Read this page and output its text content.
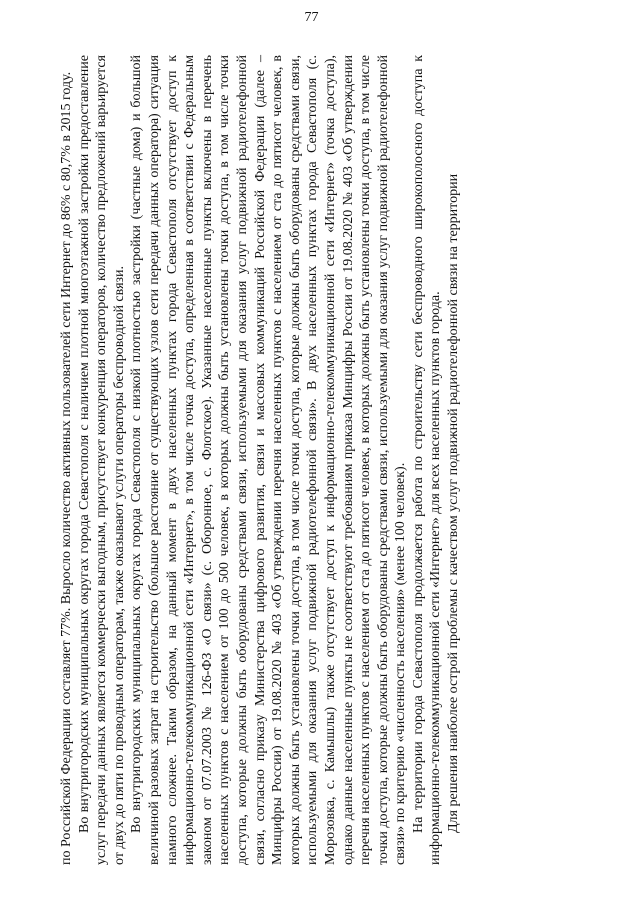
77

по Российской Федерации составляет 77%. Выросло количество активных пользователей сети Интернет до 86% с 80,7% в 2015 году. Во внутригородских муниципальных округах города Севастополя с наличием плотной многоэтажной застройки предоставление услуг передачи данных является коммерчески выгодным, присутствует конкуренция операторов, количество предложений варьируется от двух до пяти по проводным операторам, также оказывают услуги операторы беспроводной связи. Во внутригородских муниципальных округах города Севастополя с низкой плотностью застройки (частные дома) и большой величиной разовых затрат на строительство (большое расстояние от существующих узлов сети передачи данных оператора) ситуация намного сложнее. Таким образом, на данный момент в двух населенных пунктах города Севастополя отсутствует доступ к информационно-телекоммуникационной сети «Интернет», в том числе точка доступа, определенная в соответствии с Федеральным законом от 07.07.2003 № 126-ФЗ «О связи» (с. Оборонное, с. Флотское). Указанные населенные пункты включены в перечень населенных пунктов с населением от 100 до 500 человек, в которых должны быть установлены точки доступа, в том числе точки доступа, которые должны быть оборудованы средствами связи, используемыми для оказания услуг подвижной радиотелефонной связи, согласно приказу Министерства цифрового развития, связи и массовых коммуникаций Российской Федерации (далее – Минцифры России) от 19.08.2020 № 403 «Об утверждении перечня населенных пунктов с населением от ста до пятисот человек, в которых должны быть установлены точки доступа, в том числе точки доступа, которые должны быть оборудованы средствами связи, используемыми для оказания услуг подвижной радиотелефонной связи». В двух населенных пунктах города Севастополя (с. Морозовка, с. Камышлы) также отсутствует доступ к информационно-телекоммуникационной сети «Интернет» (точка доступа), однако данные населенные пункты не соответствуют требованиям приказа Минцифры России от 19.08.2020 № 403 «Об утверждении перечня населенных пунктов с населением от ста до пятисот человек, в которых должны быть установлены точки доступа, в том числе точки доступа, которые должны быть оборудованы средствами связи, используемыми для оказания услуг подвижной радиотелефонной связи» по критерию «численность населения» (менее 100 человек). На территории города Севастополя продолжается работа по строительству сети беспроводного широкополосного доступа к информационно-телекоммуникационной сети «Интернет» для всех населенных пунктов города. Для решения наиболее острой проблемы с качеством услуг подвижной радиотелефонной связи на территории
